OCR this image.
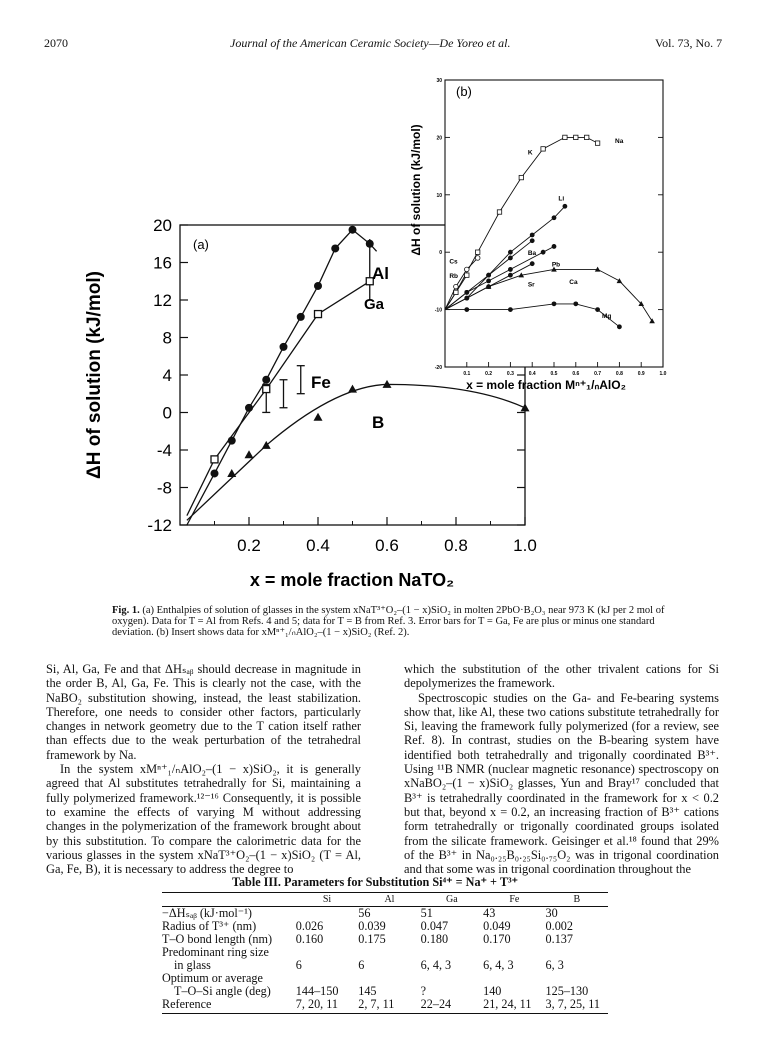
2070	Journal of the American Ceramic Society—De Yoreo et al.	Vol. 73, No. 7
(a)
ΔH of solution (kJ/mol)
x = mole fraction NaTO₂
20
16
12
8
4
0
-4
-8
-12
0.2	0.4	0.6	0.8	1.0
Al
Ga
Fe
B
(b)
ΔH of solution (kJ/mol)
x = mole fraction Mⁿ⁺₁/ₙAlO₂
30
20
10
0
-10
-20
0.1	0.2	0.3	0.4	0.5	0.6	0.7	0.8	0.9	1.0
K
Na
Cs
Rb
Li
Ba
Pb
Sr	Ca
Mg
Fig. 1. (a) Enthalpies of solution of glasses in the system xNaT³⁺O₂–(1 − x)SiO₂ in molten 2PbO·B₂O₃ near 973 K (kJ per 2 mol of oxygen). Data for T = Al from Refs. 4 and 5; data for T = B from Ref. 3. Error bars for T = Ga, Fe are plus or minus one standard deviation. (b) Insert shows data for xMⁿ⁺₁/ₙAlO₂–(1 − x)SiO₂ (Ref. 2).

Si, Al, Ga, Fe and that ΔHₛₐᵦ should decrease in magnitude in the order B, Al, Ga, Fe. This is clearly not the case, with the NaBO₂ substitution showing, instead, the least stabilization. Therefore, one needs to consider other factors, particularly changes in network geometry due to the T cation itself rather than effects due to the weak perturbation of the tetrahedral framework by Na.

In the system xMⁿ⁺₁/ₙAlO₂–(1 − x)SiO₂, it is generally agreed that Al substitutes tetrahedrally for Si, maintaining a fully polymerized framework.¹²⁻¹⁶ Consequently, it is possible to examine the effects of varying M without addressing changes in the polymerization of the framework brought about by this substitution. To compare the calorimetric data for the various glasses in the system xNaT³⁺O₂–(1 − x)SiO₂ (T = Al, Ga, Fe, B), it is necessary to address the degree to

which the substitution of the other trivalent cations for Si depolymerizes the framework.

Spectroscopic studies on the Ga- and Fe-bearing systems show that, like Al, these two cations substitute tetrahedrally for Si, leaving the framework fully polymerized (for a review, see Ref. 8). In contrast, studies on the B-bearing system have identified both tetrahedrally and trigonally coordinated B³⁺. Using ¹¹B NMR (nuclear magnetic resonance) spectroscopy on xNaBO₂–(1 − x)SiO₂ glasses, Yun and Bray¹⁷ concluded that B³⁺ is tetrahedrally coordinated in the framework for x < 0.2 but that, beyond x = 0.2, an increasing fraction of B³⁺ cations form tetrahedrally or trigonally coordinated groups isolated from the silicate framework. Geisinger et al.¹⁸ found that 29% of the B³⁺ in Na₀.₂₅B₀.₂₅Si₀.₇₅O₂ was in trigonal coordination and that some was in trigonal coordination throughout the

Table III. Parameters for Substitution Si⁴⁺ = Na⁺ + T³⁺
	Si	Al	Ga	Fe	B
−ΔHₛₐᵦ (kJ·mol⁻¹)		56	51	43	30
Radius of T³⁺ (nm)	0.026	0.039	0.047	0.049	0.002
T–O bond length (nm)	0.160	0.175	0.180	0.170	0.137
Predominant ring size					
in glass	6	6	6, 4, 3	6, 4, 3	6, 3
Optimum or average					
T–O–Si angle (deg)	144–150	145	?	140	125–130
Reference	7, 20, 11	2, 7, 11	22–24	21, 24, 11	3, 7, 25, 11
